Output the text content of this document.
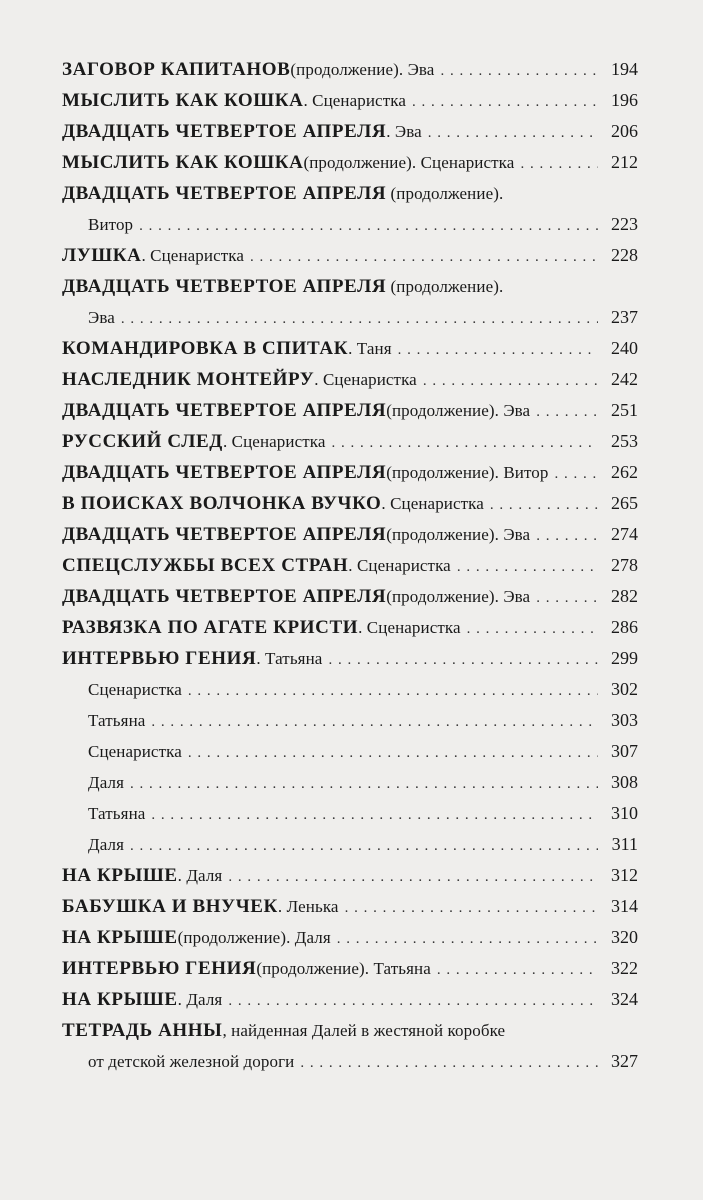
ЗАГОВОР КАПИТАНОВ (продолжение). Эва . . .	194
МЫСЛИТЬ КАК КОШКА . Сценаристка . . .	196
ДВАДЦАТЬ ЧЕТВЕРТОЕ АПРЕЛЯ . Эва . . .	206
МЫСЛИТЬ КАК КОШКА (продолжение). Сценаристка . . .	212
ДВАДЦАТЬ ЧЕТВЕРТОЕ АПРЕЛЯ (продолжение).
Витор . . .	223
ЛУШКА . Сценаристка . . .	228
ДВАДЦАТЬ ЧЕТВЕРТОЕ АПРЕЛЯ (продолжение).
Эва . . .	237
КОМАНДИРОВКА В СПИТАК . Таня . . .	240
НАСЛЕДНИК МОНТЕЙРУ . Сценаристка . . .	242
ДВАДЦАТЬ ЧЕТВЕРТОЕ АПРЕЛЯ (продолжение). Эва . . .	251
РУССКИЙ СЛЕД . Сценаристка . . .	253
ДВАДЦАТЬ ЧЕТВЕРТОЕ АПРЕЛЯ (продолжение). Витор . . .	262
В ПОИСКАХ ВОЛЧОНКА ВУЧКО . Сценаристка . . .	265
ДВАДЦАТЬ ЧЕТВЕРТОЕ АПРЕЛЯ (продолжение). Эва . . .	274
СПЕЦСЛУЖБЫ ВСЕХ СТРАН . Сценаристка . . .	278
ДВАДЦАТЬ ЧЕТВЕРТОЕ АПРЕЛЯ (продолжение). Эва . . .	282
РАЗВЯЗКА ПО АГАТЕ КРИСТИ . Сценаристка . . .	286
ИНТЕРВЬЮ ГЕНИЯ . Татьяна . . .	299
Сценаристка . . .	302
Татьяна . . .	303
Сценаристка . . .	307
Даля . . .	308
Татьяна . . .	310
Даля . . .	311
НА КРЫШЕ . Даля . . .	312
БАБУШКА И ВНУЧЕК . Ленька . . .	314
НА КРЫШЕ (продолжение). Даля . . .	320
ИНТЕРВЬЮ ГЕНИЯ (продолжение). Татьяна . . .	322
НА КРЫШЕ . Даля . . .	324
ТЕТРАДЬ АННЫ, найденная Далей в жестяной коробке
от детской железной дороги . . .	327
